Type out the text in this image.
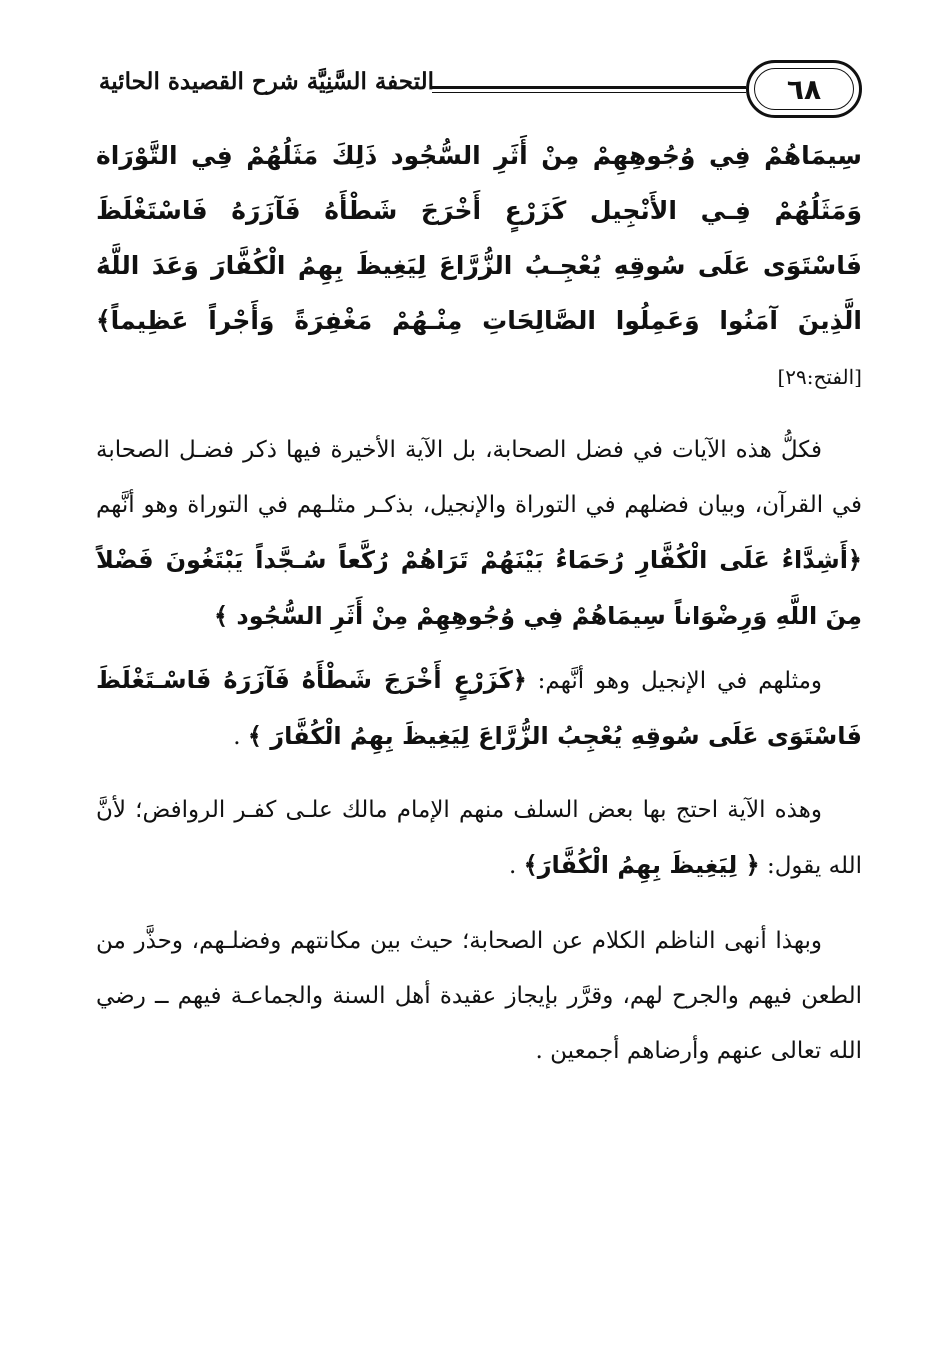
التحفة السَّنِيَّة شرح القصيدة الحائية	٦٨

سِيمَاهُمْ فِي وُجُوهِهِمْ مِنْ أَثَرِ السُّجُود ذَلِكَ مَثَلُهُمْ فِي التَّوْرَاة وَمَثَلُهُمْ فِـي الأَنْجِيل كَزَرْعٍ أَخْرَجَ شَطْأَهُ فَآزَرَهُ فَاسْتَغْلَظَ فَاسْتَوَى عَلَى سُوقِهِ يُعْجِـبُ الزُّرَّاعَ لِيَغِيظَ بِهِمُ الْكُفَّارَ وَعَدَ اللَّهُ الَّذِينَ آمَنُوا وَعَمِلُوا الصَّالِحَاتِ مِنْـهُمْ مَغْفِرَةً وَأَجْراً عَظِيماً﴾ [الفتح:٢٩]

فكلُّ هذه الآيات في فضل الصحابة، بل الآية الأخيرة فيها ذكر فضـل الصحابة في القرآن، وبيان فضلهم في التوراة والإنجيل، بذكـر مثلـهم في التوراة وهو أنَّهم ﴿أَشِدَّاءُ عَلَى الْكُفَّارِ رُحَمَاءُ بَيْنَهُمْ تَرَاهُمْ رُكَّعاً سُـجَّداً يَبْتَغُونَ فَضْلاً مِنَ اللَّهِ وَرِضْوَاناً سِيمَاهُمْ فِي وُجُوهِهِمْ مِنْ أَثَرِ السُّجُود ﴾

ومثلهم في الإنجيل وهو أنَّهم: ﴿كَزَرْعٍ أَخْرَجَ شَطْأَهُ فَآزَرَهُ فَاسْـتَغْلَظَ فَاسْتَوَى عَلَى سُوقِهِ يُعْجِبُ الزُّرَّاعَ لِيَغِيظَ بِهِمُ الْكُفَّارَ ﴾ .

وهذه الآية احتج بها بعض السلف منهم الإمام مالك علـى كفـر الروافض؛ لأنَّ الله يقول: ﴿ لِيَغِيظَ بِهِمُ الْكُفَّارَ﴾ .

وبهذا أنهى الناظم الكلام عن الصحابة؛ حيث بين مكانتهم وفضلـهم، وحذَّر من الطعن فيهم والجرح لهم، وقرَّر بإيجاز عقيدة أهل السنة والجماعـة فيهم ــ رضي الله تعالى عنهم وأرضاهم أجمعين .
